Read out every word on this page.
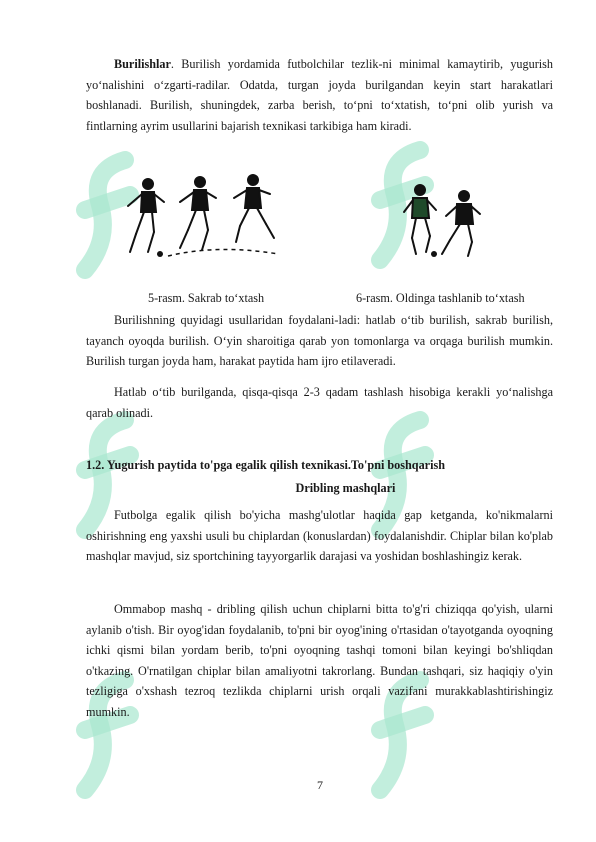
Burilishlar. Burilish yordamida futbolchilar tezlik-ni minimal kamaytirib, yugurish yo‘nalishini o‘zgarti-radilar. Odatda, turgan joyda burilgandan keyin start harakatlari boshlanadi. Burilish, shuningdek, zarba berish, to‘pni to‘xtatish, to‘pni olib yurish va fintlarning ayrim usullarini bajarish texnikasi tarkibiga ham kiradi.

5-rasm. Sakrab to‘xtash	6-rasm. Oldinga tashlanib to‘xtash

Burilishning quyidagi usullaridan foydalani-ladi: hatlab o‘tib burilish, sakrab burilish, tayanch oyoqda burilish. O‘yin sharoitiga qarab yon tomonlarga va orqaga burilish mumkin. Burilish turgan joyda ham, harakat paytida ham ijro etilaveradi.

Hatlab o‘tib burilganda, qisqa-qisqa 2-3 qadam tashlash hisobiga kerakli yo‘nalishga qarab olinadi.

1.2. Yugurish paytida to'pga egalik qilish texnikasi.To'pni boshqarish
Dribling mashqlari

Futbolga egalik qilish bo'yicha mashg'ulotlar haqida gap ketganda, ko'nikmalarni oshirishning eng yaxshi usuli bu chiplardan (konuslardan) foydalanishdir. Chiplar bilan ko'plab mashqlar mavjud, siz sportchining tayyorgarlik darajasi va yoshidan boshlashingiz kerak.

Ommabop mashq - dribling qilish uchun chiplarni bitta to'g'ri chiziqqa qo'yish, ularni aylanib o'tish. Bir oyog'idan foydalanib, to'pni bir oyog'ining o'rtasidan o'tayotganda oyoqning ichki qismi bilan yordam berib, to'pni oyoqning tashqi tomoni bilan keyingi bo'shliqdan o'tkazing. O'rnatilgan chiplar bilan amaliyotni takrorlang. Bundan tashqari, siz haqiqiy o'yin tezligiga o'xshash tezroq tezlikda chiplarni urish orqali vazifani murakkablashtirishingiz mumkin.

7
